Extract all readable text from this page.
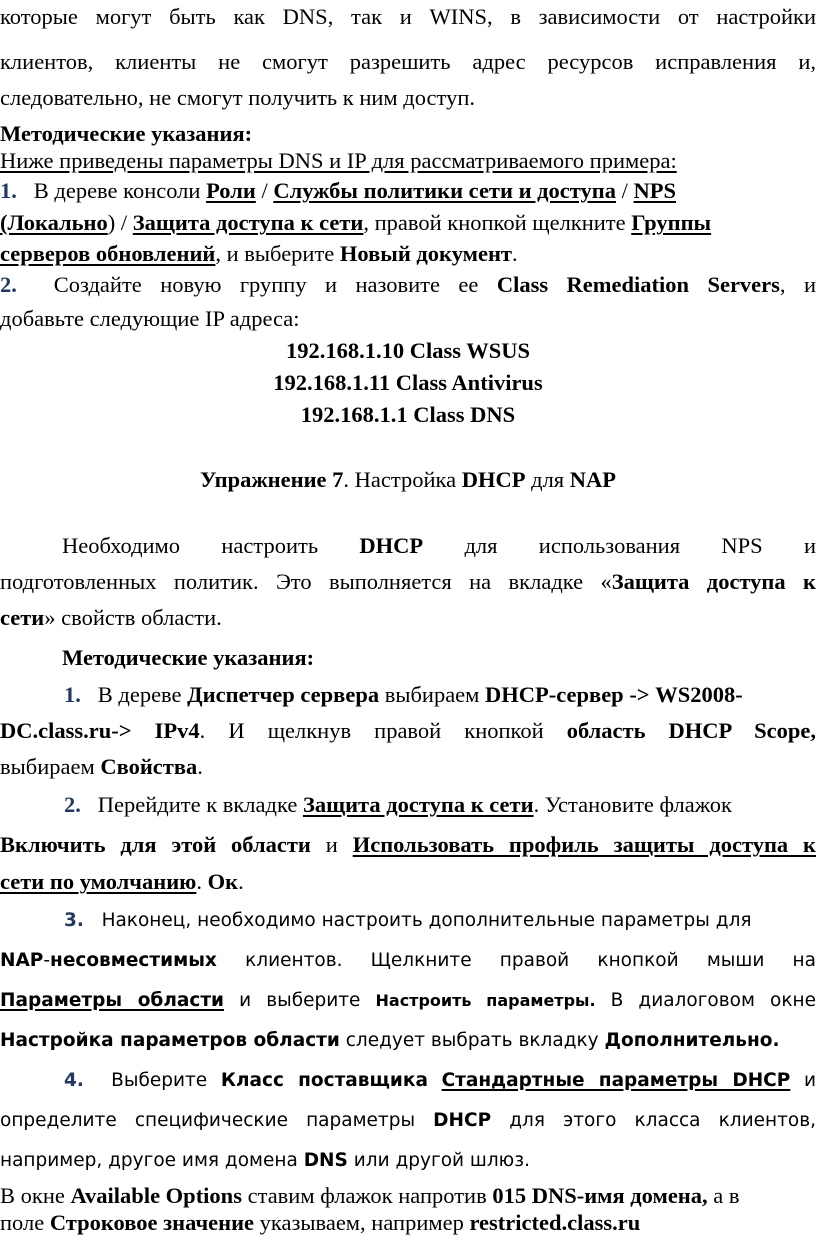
которые могут быть как DNS, так и WINS, в зависимости от настройки
клиентов, клиенты не смогут разрешить адрес ресурсов исправления и,
следовательно, не смогут получить к ним доступ.
Методические указания:
Ниже приведены параметры DNS и IP для рассматриваемого примера:
1. В дереве консоли Роли / Службы политики сети и доступа / NPS
(Локально) / Защита доступа к сети, правой кнопкой щелкните Группы
серверов обновлений, и выберите Новый документ.
2. Создайте новую группу и назовите ее Class Remediation Servers, и
добавьте следующие IP адреса:
192.168.1.10 Class WSUS
192.168.1.11 Class Antivirus
192.168.1.1 Class DNS
Упражнение 7. Настройка DHCP для NAP
Необходимо настроить DHCP для использования NPS и
подготовленных политик. Это выполняется на вкладке «Защита доступа к
сети» свойств области.
Методические указания:
1. В дереве Диспетчер сервера выбираем DHCP-сервер -> WS2008-
DC.class.ru-> IPv4. И щелкнув правой кнопкой область DHCP Scope,
выбираем Свойства.
2. Перейдите к вкладке Защита доступа к сети. Установите флажок
Включить для этой области и Использовать профиль защиты доступа к
сети по умолчанию. Ок.
3. Наконец, необходимо настроить дополнительные параметры для
NAP-несовместимых клиентов. Щелкните правой кнопкой мыши на
Параметры области и выберите Настроить параметры. В диалоговом окне
Настройка параметров области следует выбрать вкладку Дополнительно.
4. Выберите Класс поставщика Стандартные параметры DHCP и
определите специфические параметры DHCP для этого класса клиентов,
например, другое имя домена DNS или другой шлюз.
В окне Available Options ставим флажок напротив 015 DNS-имя домена, а в
поле Строковое значение указываем, например restricted.class.ru
